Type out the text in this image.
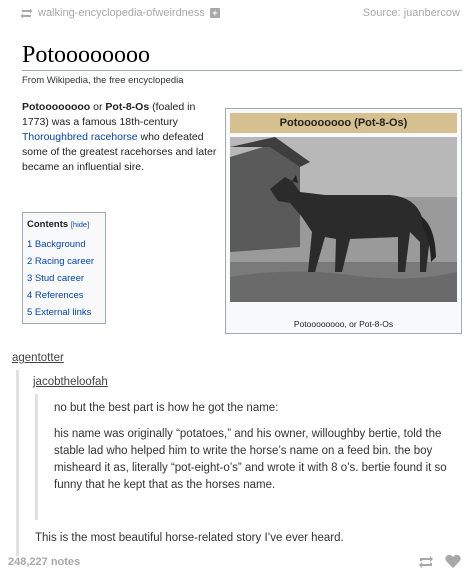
walking-encyclopedia-ofweirdness +	Source: juanbercow
Potoooooooo
From Wikipedia, the free encyclopedia
Potoooooooo or Pot-8-Os (foaled in 1773) was a famous 18th-century Thoroughbred racehorse who defeated some of the greatest racehorses and later became an influential sire.
Contents [hide]
1 Background
2 Racing career
3 Stud career
4 References
5 External links
Potoooooooo (Pot-8-Os)
Potoooooooo, or Pot-8-Os
agentotter
jacobtheloofah
no but the best part is how he got the name:
his name was originally “potatoes,” and his owner, willoughby bertie, told the stable lad who helped him to write the horse’s name on a feed bin. the boy misheard it as, literally “pot-eight-o’s” and wrote it with 8 o’s. bertie found it so funny that he kept that as the horses name.
This is the most beautiful horse-related story I’ve ever heard.
248,227 notes
